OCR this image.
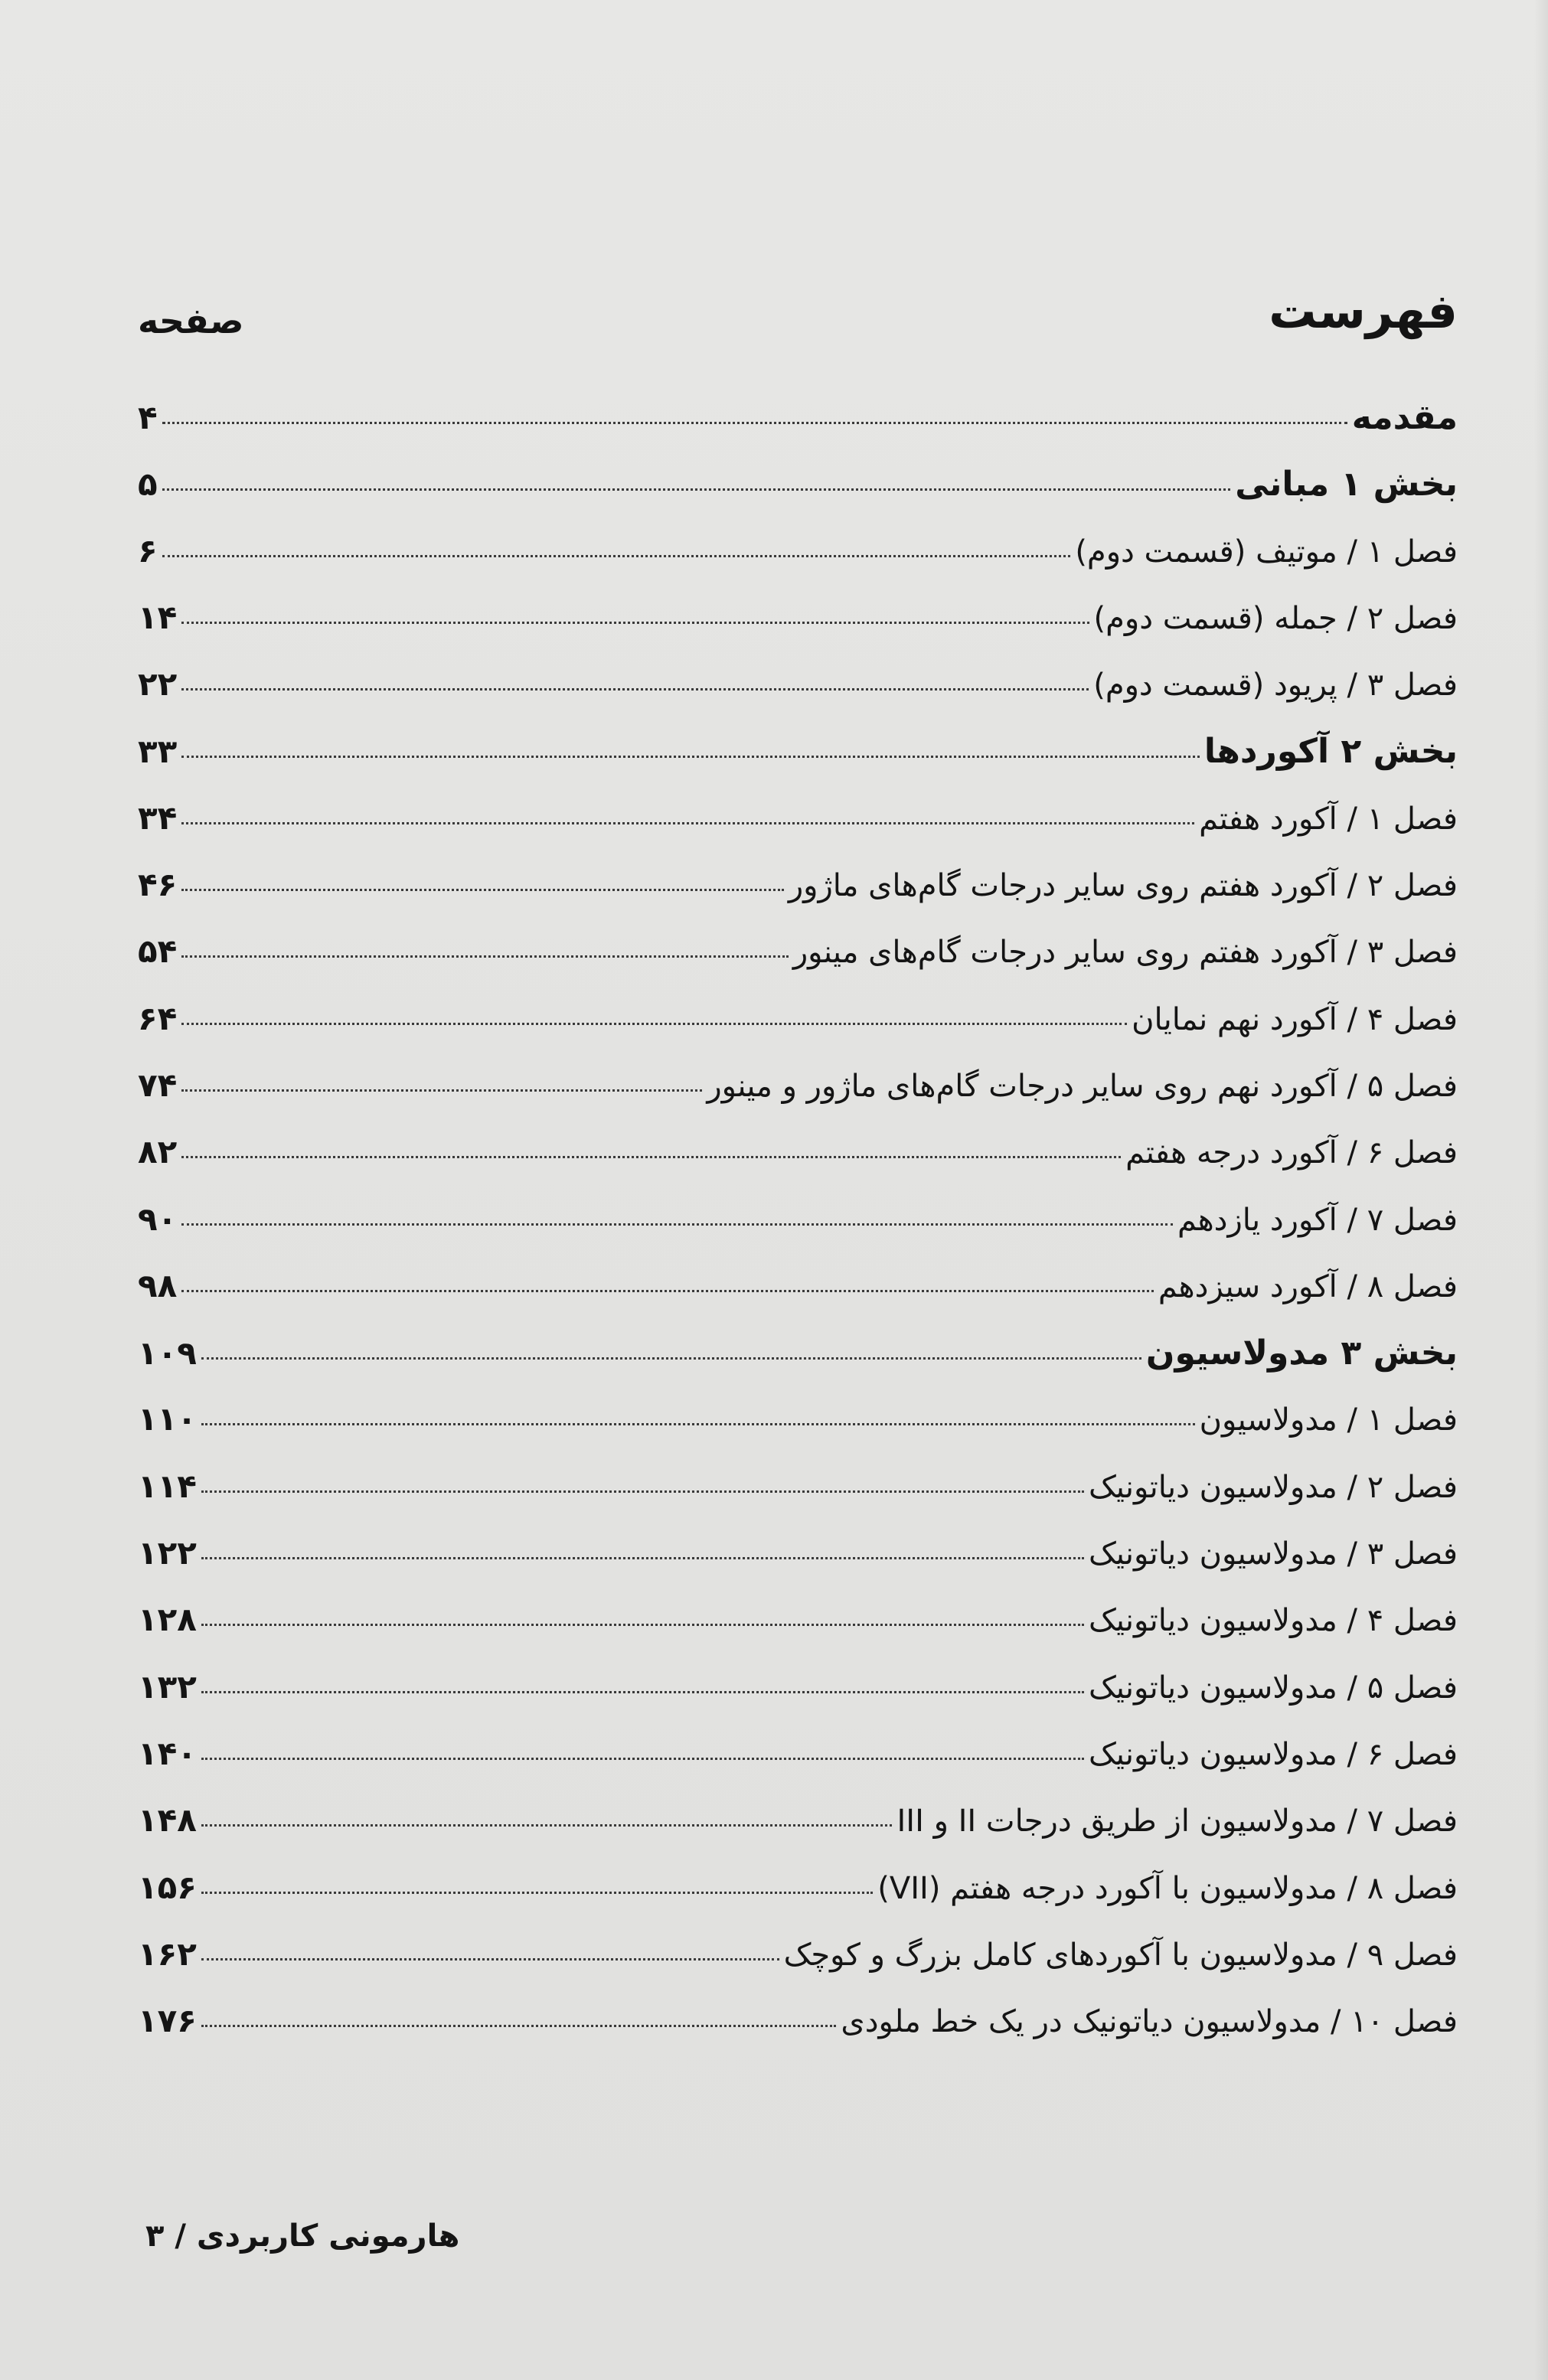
فهرست
صفحه
مقدمه
۴
بخش ۱ مبانی
۵
فصل ۱ / موتیف (قسمت دوم)
۶
فصل ۲ / جمله (قسمت دوم)
۱۴
فصل ۳ / پریود (قسمت دوم)
۲۲
بخش ۲ آکوردها
۳۳
فصل ۱ / آکورد هفتم
۳۴
فصل ۲ / آکورد هفتم روی سایر درجات گام‌های ماژور
۴۶
فصل ۳ / آکورد هفتم روی سایر درجات گام‌های مینور
۵۴
فصل ۴ / آکورد نهم نمایان
۶۴
فصل ۵ / آکورد نهم روی سایر درجات گام‌های ماژور و مینور
۷۴
فصل ۶ / آکورد درجه هفتم
۸۲
فصل ۷ / آکورد یازدهم
۹۰
فصل ۸ / آکورد سیزدهم
۹۸
بخش ۳ مدولاسیون
۱۰۹
فصل ۱ / مدولاسیون
۱۱۰
فصل ۲ / مدولاسیون دیاتونیک
۱۱۴
فصل ۳ / مدولاسیون دیاتونیک
۱۲۲
فصل ۴ / مدولاسیون دیاتونیک
۱۲۸
فصل ۵ / مدولاسیون دیاتونیک
۱۳۲
فصل ۶ / مدولاسیون دیاتونیک
۱۴۰
فصل ۷ / مدولاسیون از طریق درجات II و III
۱۴۸
فصل ۸ / مدولاسیون با آکورد درجه هفتم (VII)
۱۵۶
فصل ۹ / مدولاسیون با آکوردهای کامل بزرگ و کوچک
۱۶۲
فصل ۱۰ / مدولاسیون دیاتونیک در یک خط ملودی
۱۷۶
هارمونی کاربردی / ۳
